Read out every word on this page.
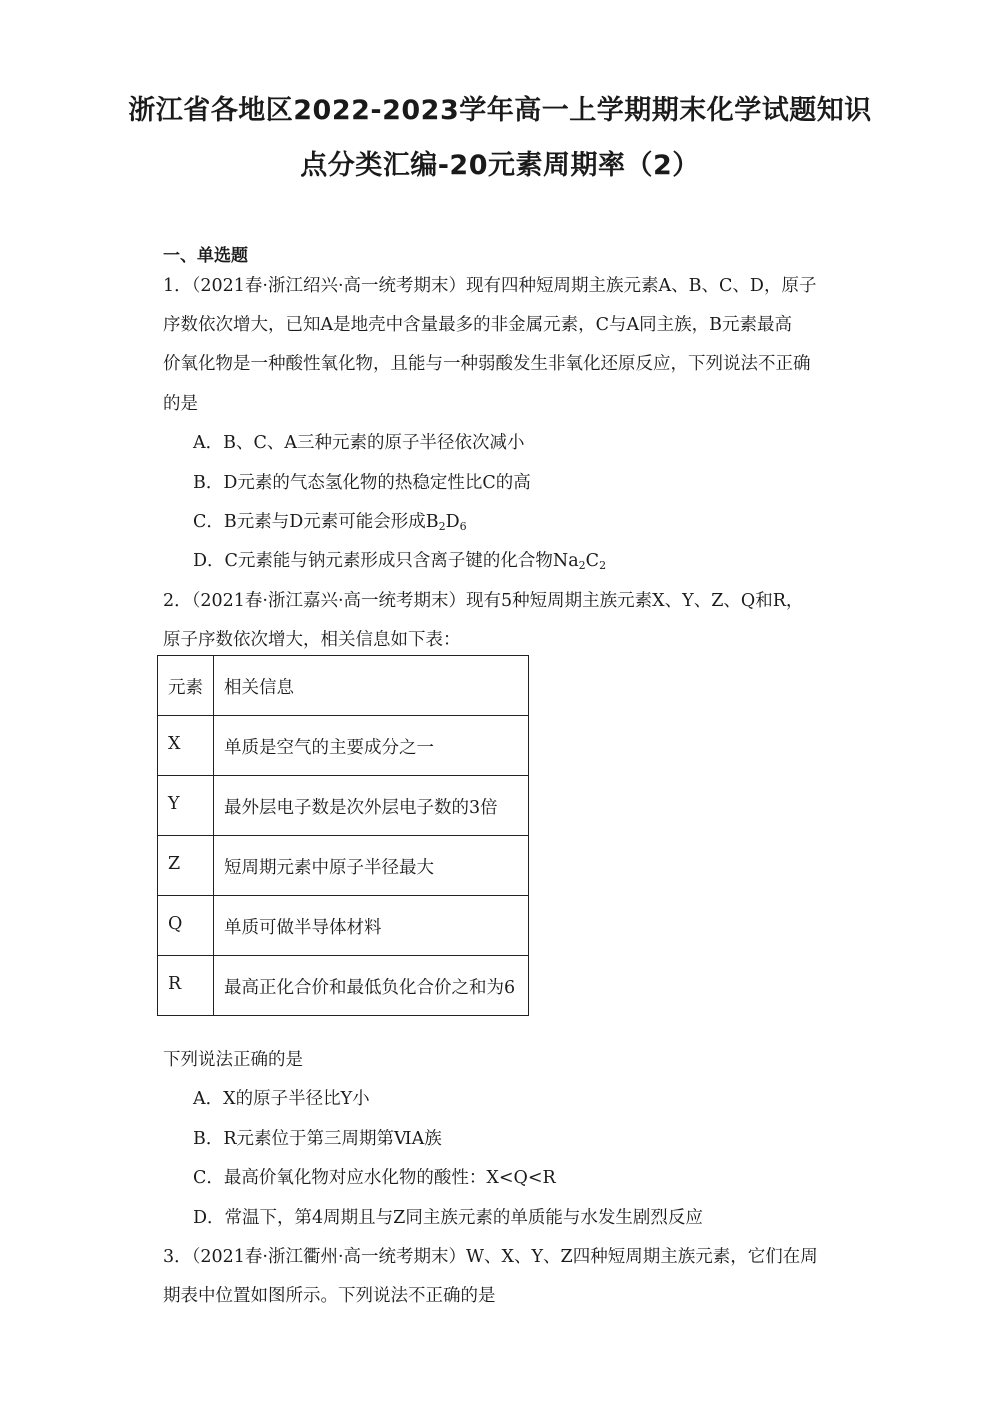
浙江省各地区2022-2023学年高一上学期期末化学试题知识
点分类汇编-20元素周期率（2）
一、单选题
1．（2021春·浙江绍兴·高一统考期末）现有四种短周期主族元素A、B、C、D，原子
序数依次增大，已知A是地壳中含量最多的非金属元素，C与A同主族，B元素最高
价氧化物是一种酸性氧化物，且能与一种弱酸发生非氧化还原反应，下列说法不正确
的是
A．B、C、A三种元素的原子半径依次减小
B．D元素的气态氢化物的热稳定性比C的高
C．B元素与D元素可能会形成$B_2D_6$
D．C元素能与钠元素形成只含离子键的化合物$Na_2C_2$
2．（2021春·浙江嘉兴·高一统考期末）现有5种短周期主族元素X、Y、Z、Q和R，
原子序数依次增大，相关信息如下表：
元素	相关信息
X	单质是空气的主要成分之一
Y	最外层电子数是次外层电子数的3倍
Z	短周期元素中原子半径最大
Q	单质可做半导体材料
R	最高正化合价和最低负化合价之和为6
下列说法正确的是
A．X的原子半径比Y小
B．R元素位于第三周期第ⅥA族
C．最高价氧化物对应水化物的酸性：X<Q<R
D．常温下，第4周期且与Z同主族元素的单质能与水发生剧烈反应
3．（2021春·浙江衢州·高一统考期末）W、X、Y、Z四种短周期主族元素，它们在周
期表中位置如图所示。下列说法不正确的是
